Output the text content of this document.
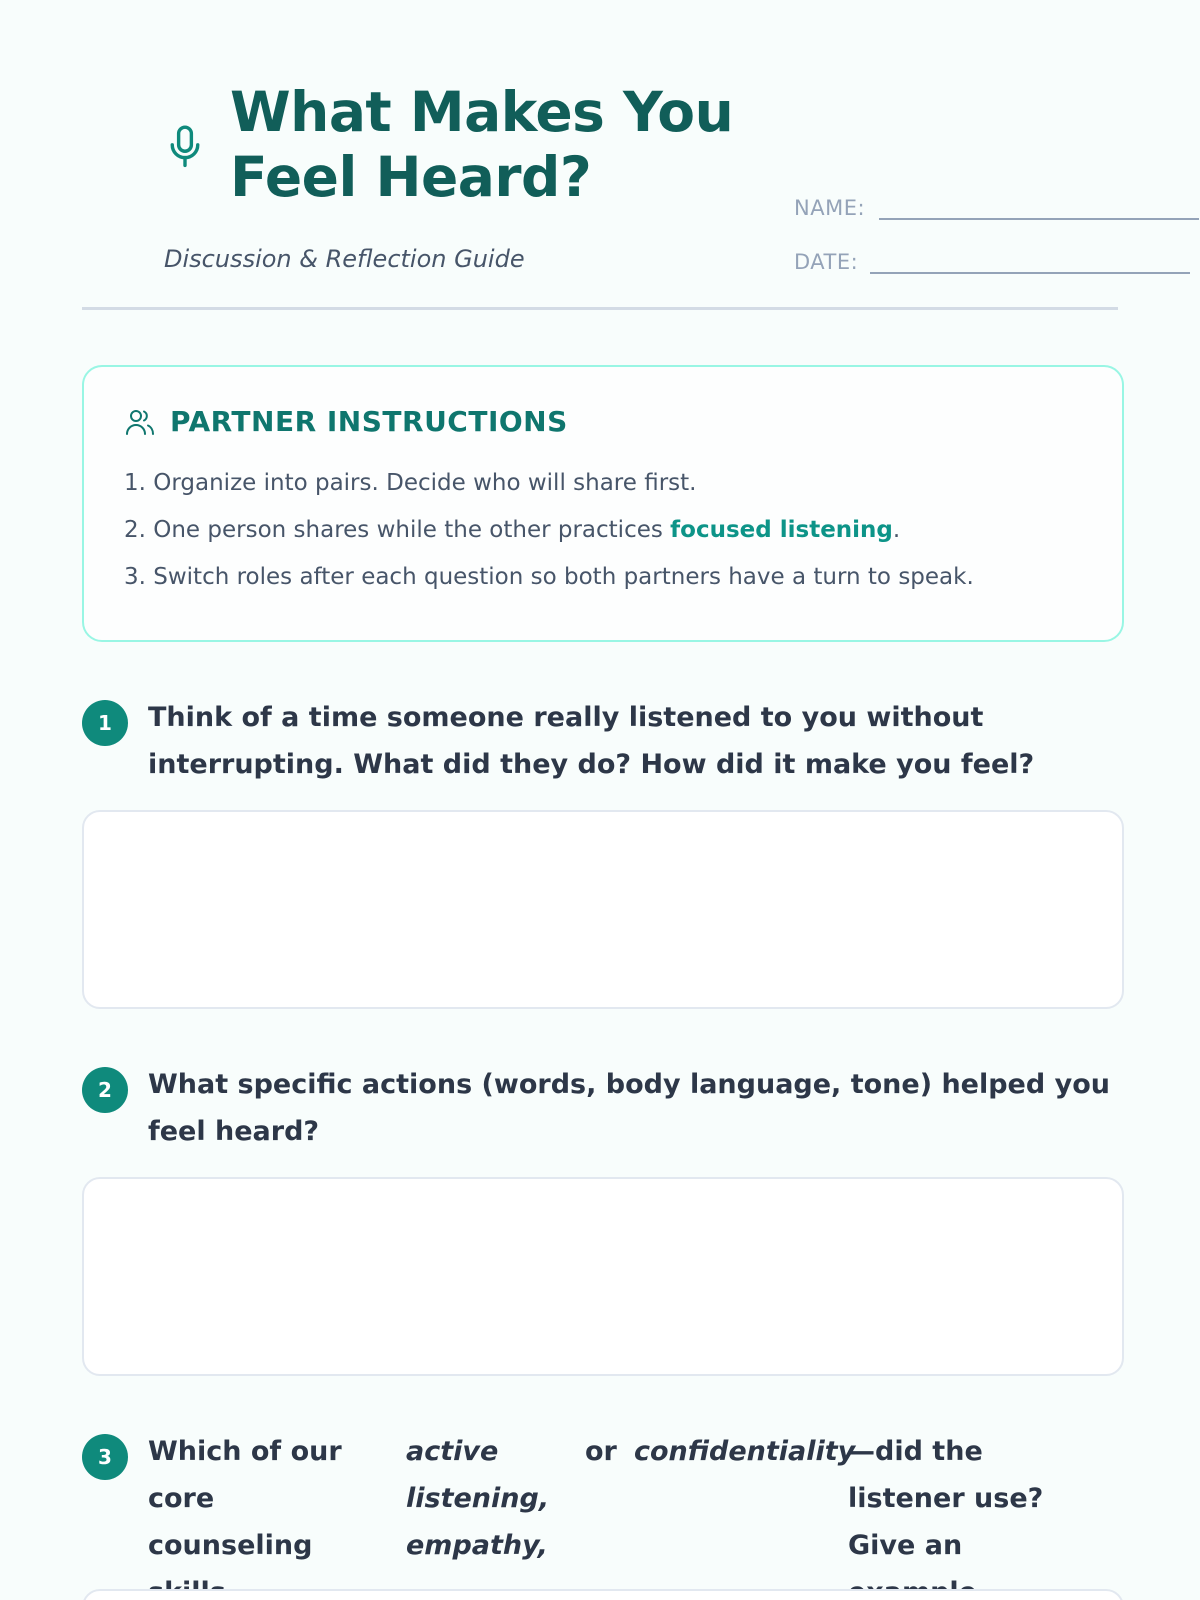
What Makes You
Feel Heard?
Discussion & Reflection Guide
NAME:
DATE:
PARTNER INSTRUCTIONS
1. Organize into pairs. Decide who will share first.
2. One person shares while the other practices focused listening.
3. Switch roles after each question so both partners have a turn to speak.
1	Think of a time someone really listened to you without interrupting. What did they do? How did it make you feel?
2	What specific actions (words, body language, tone) helped you feel heard?
3	Which of our core counseling
active listening, empathy,
or confidentiality
—did the listener use? Give an
